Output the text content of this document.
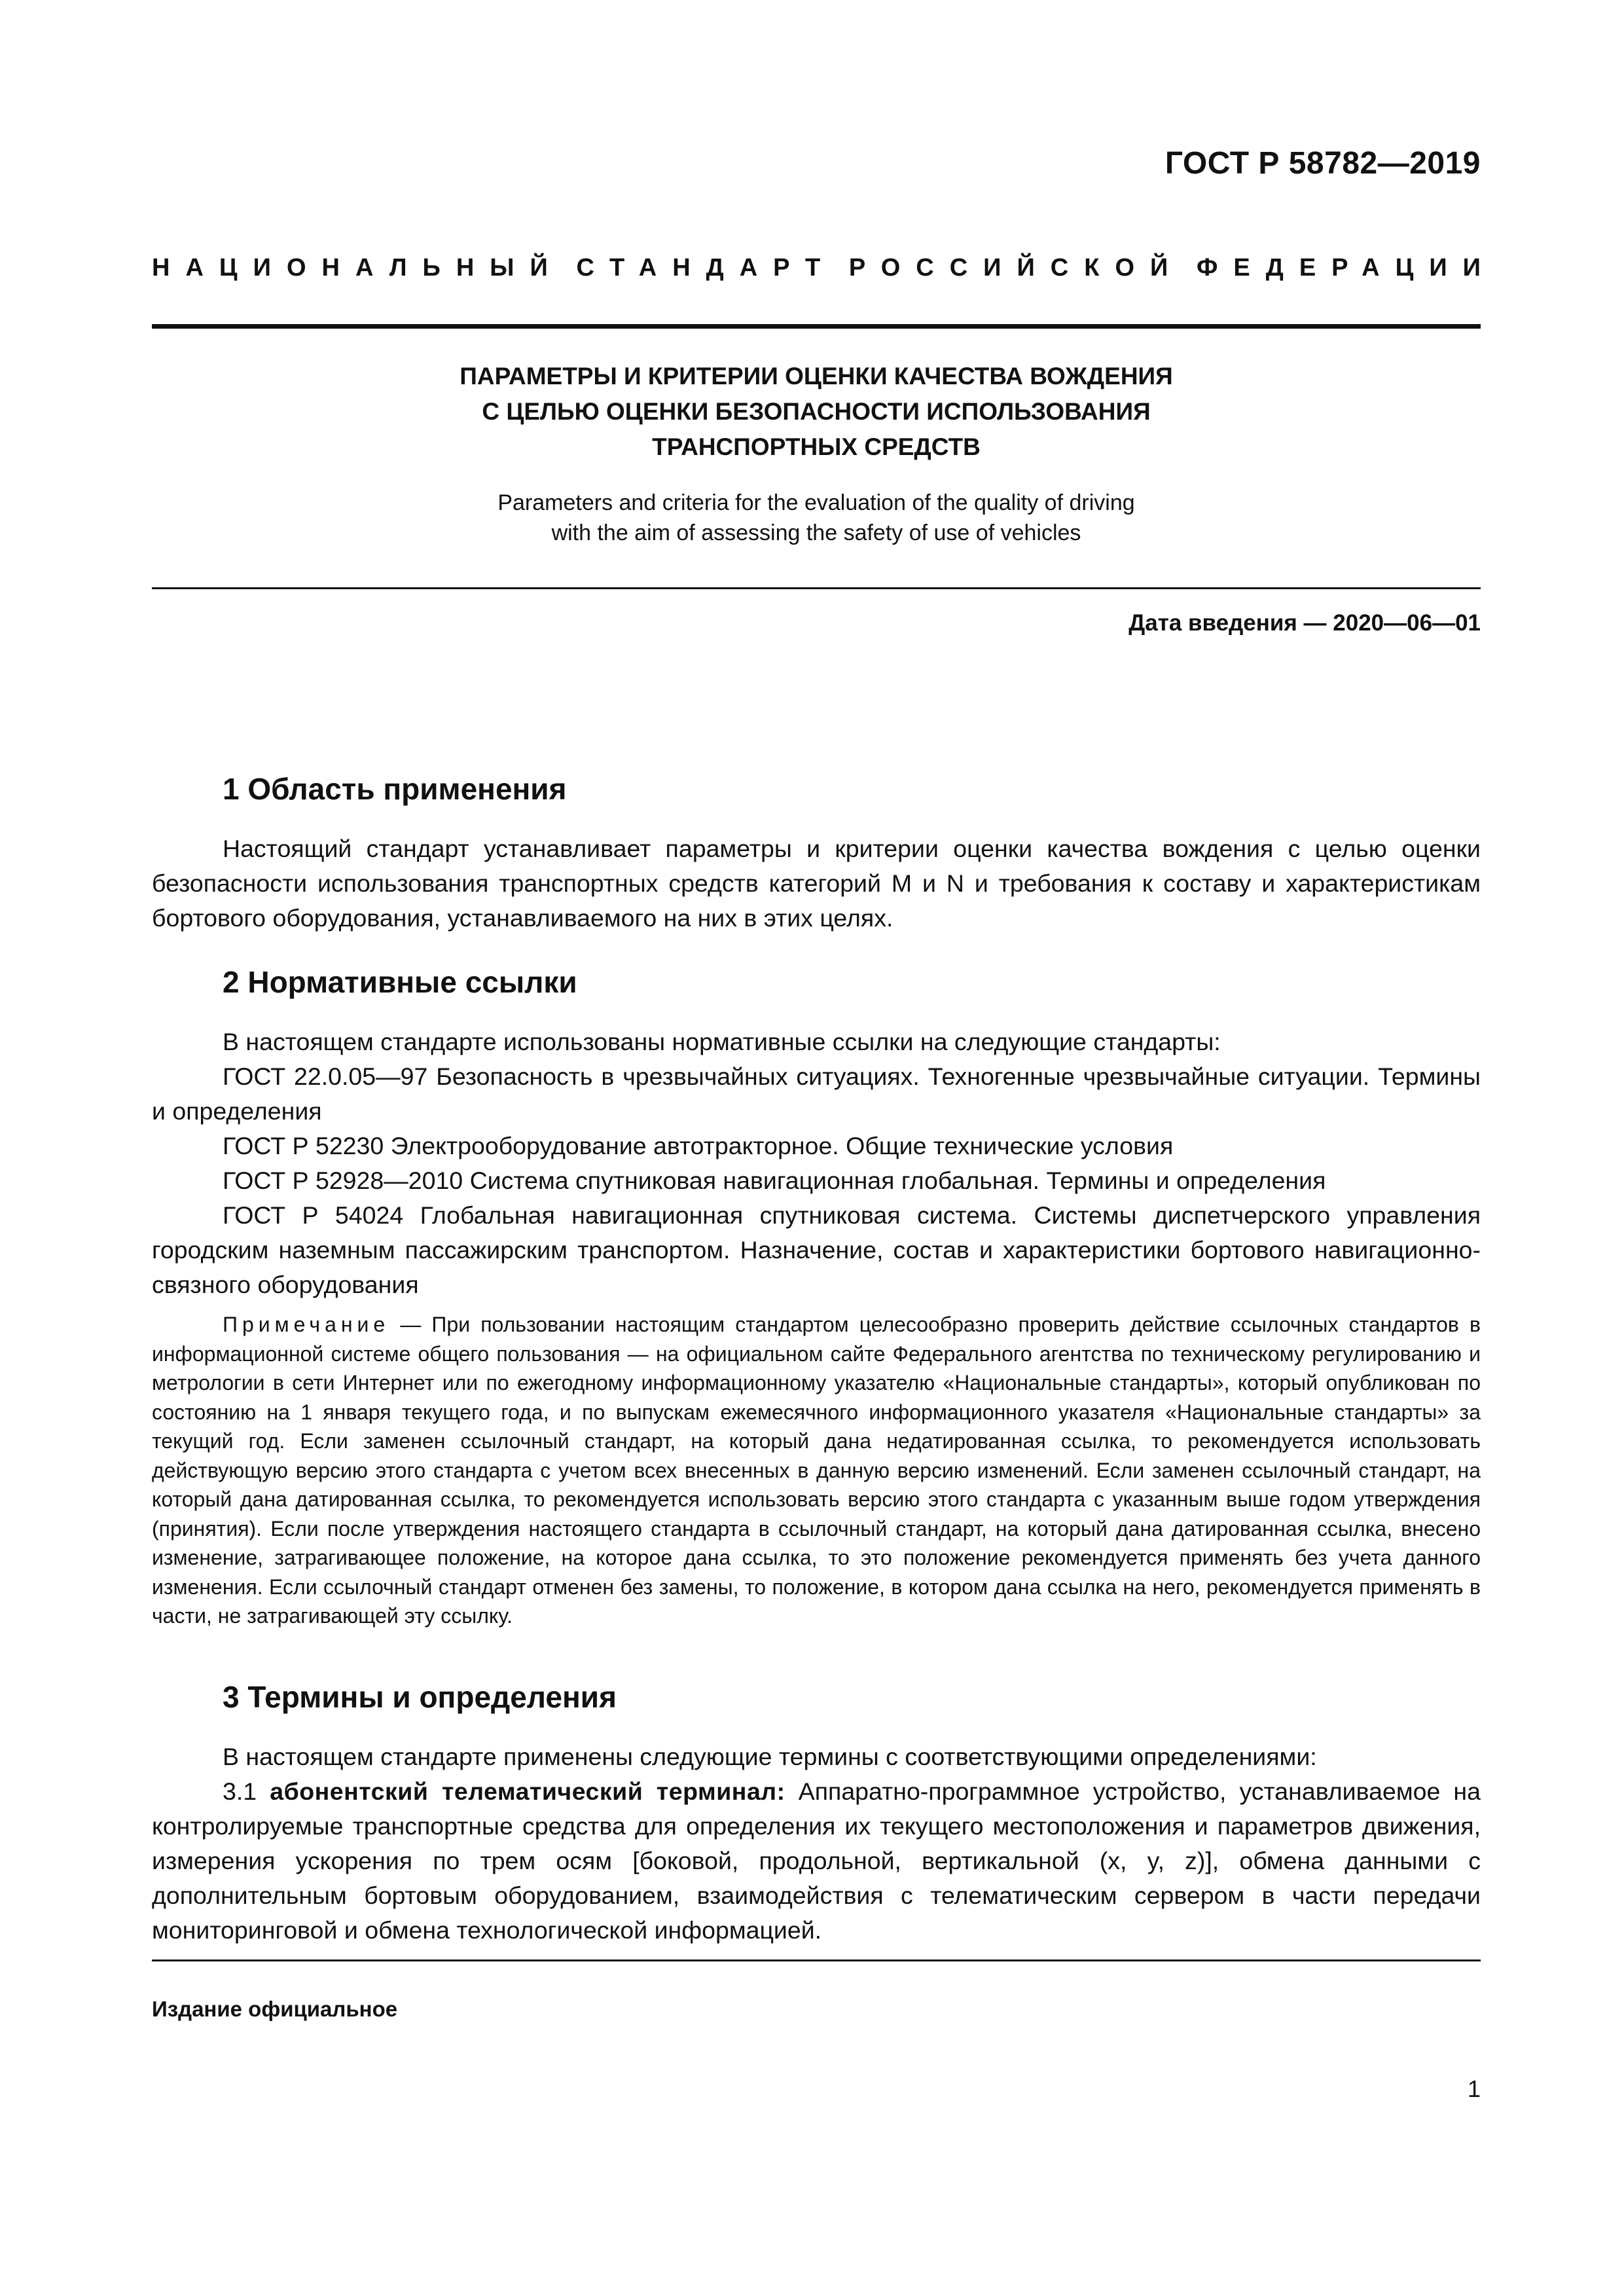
ГОСТ Р 58782—2019
НАЦИОНАЛЬНЫЙ СТАНДАРТ РОССИЙСКОЙ ФЕДЕРАЦИИ
ПАРАМЕТРЫ И КРИТЕРИИ ОЦЕНКИ КАЧЕСТВА ВОЖДЕНИЯ
С ЦЕЛЬЮ ОЦЕНКИ БЕЗОПАСНОСТИ ИСПОЛЬЗОВАНИЯ
ТРАНСПОРТНЫХ СРЕДСТВ
Parameters and criteria for the evaluation of the quality of driving
with the aim of assessing the safety of use of vehicles
Дата введения — 2020—06—01
1 Область применения

Настоящий стандарт устанавливает параметры и критерии оценки качества вождения с целью оценки безопасности использования транспортных средств категорий M и N и требования к составу и характеристикам бортового оборудования, устанавливаемого на них в этих целях.

2 Нормативные ссылки

В настоящем стандарте использованы нормативные ссылки на следующие стандарты:

ГОСТ 22.0.05—97 Безопасность в чрезвычайных ситуациях. Техногенные чрезвычайные ситуации. Термины и определения

ГОСТ Р 52230 Электрооборудование автотракторное. Общие технические условия

ГОСТ Р 52928—2010 Система спутниковая навигационная глобальная. Термины и определения

ГОСТ Р 54024 Глобальная навигационная спутниковая система. Системы диспетчерского управления городским наземным пассажирским транспортом. Назначение, состав и характеристики бортового навигационно-связного оборудования

Примечание — При пользовании настоящим стандартом целесообразно проверить действие ссылочных стандартов в информационной системе общего пользования — на официальном сайте Федерального агентства по техническому регулированию и метрологии в сети Интернет или по ежегодному информационному указателю «Национальные стандарты», который опубликован по состоянию на 1 января текущего года, и по выпускам ежемесячного информационного указателя «Национальные стандарты» за текущий год. Если заменен ссылочный стандарт, на который дана недатированная ссылка, то рекомендуется использовать действующую версию этого стандарта с учетом всех внесенных в данную версию изменений. Если заменен ссылочный стандарт, на который дана датированная ссылка, то рекомендуется использовать версию этого стандарта с указанным выше годом утверждения (принятия). Если после утверждения настоящего стандарта в ссылочный стандарт, на который дана датированная ссылка, внесено изменение, затрагивающее положение, на которое дана ссылка, то это положение рекомендуется применять без учета данного изменения. Если ссылочный стандарт отменен без замены, то положение, в котором дана ссылка на него, рекомендуется применять в части, не затрагивающей эту ссылку.
3 Термины и определения

В настоящем стандарте применены следующие термины с соответствующими определениями:

3.1 абонентский телематический терминал: Аппаратно-программное устройство, устанавливаемое на контролируемые транспортные средства для определения их текущего местоположения и параметров движения, измерения ускорения по трем осям [боковой, продольной, вертикальной (x, y, z)], обмена данными с дополнительным бортовым оборудованием, взаимодействия с телематическим сервером в части передачи мониторинговой и обмена технологической информацией.

Издание официальное
1
